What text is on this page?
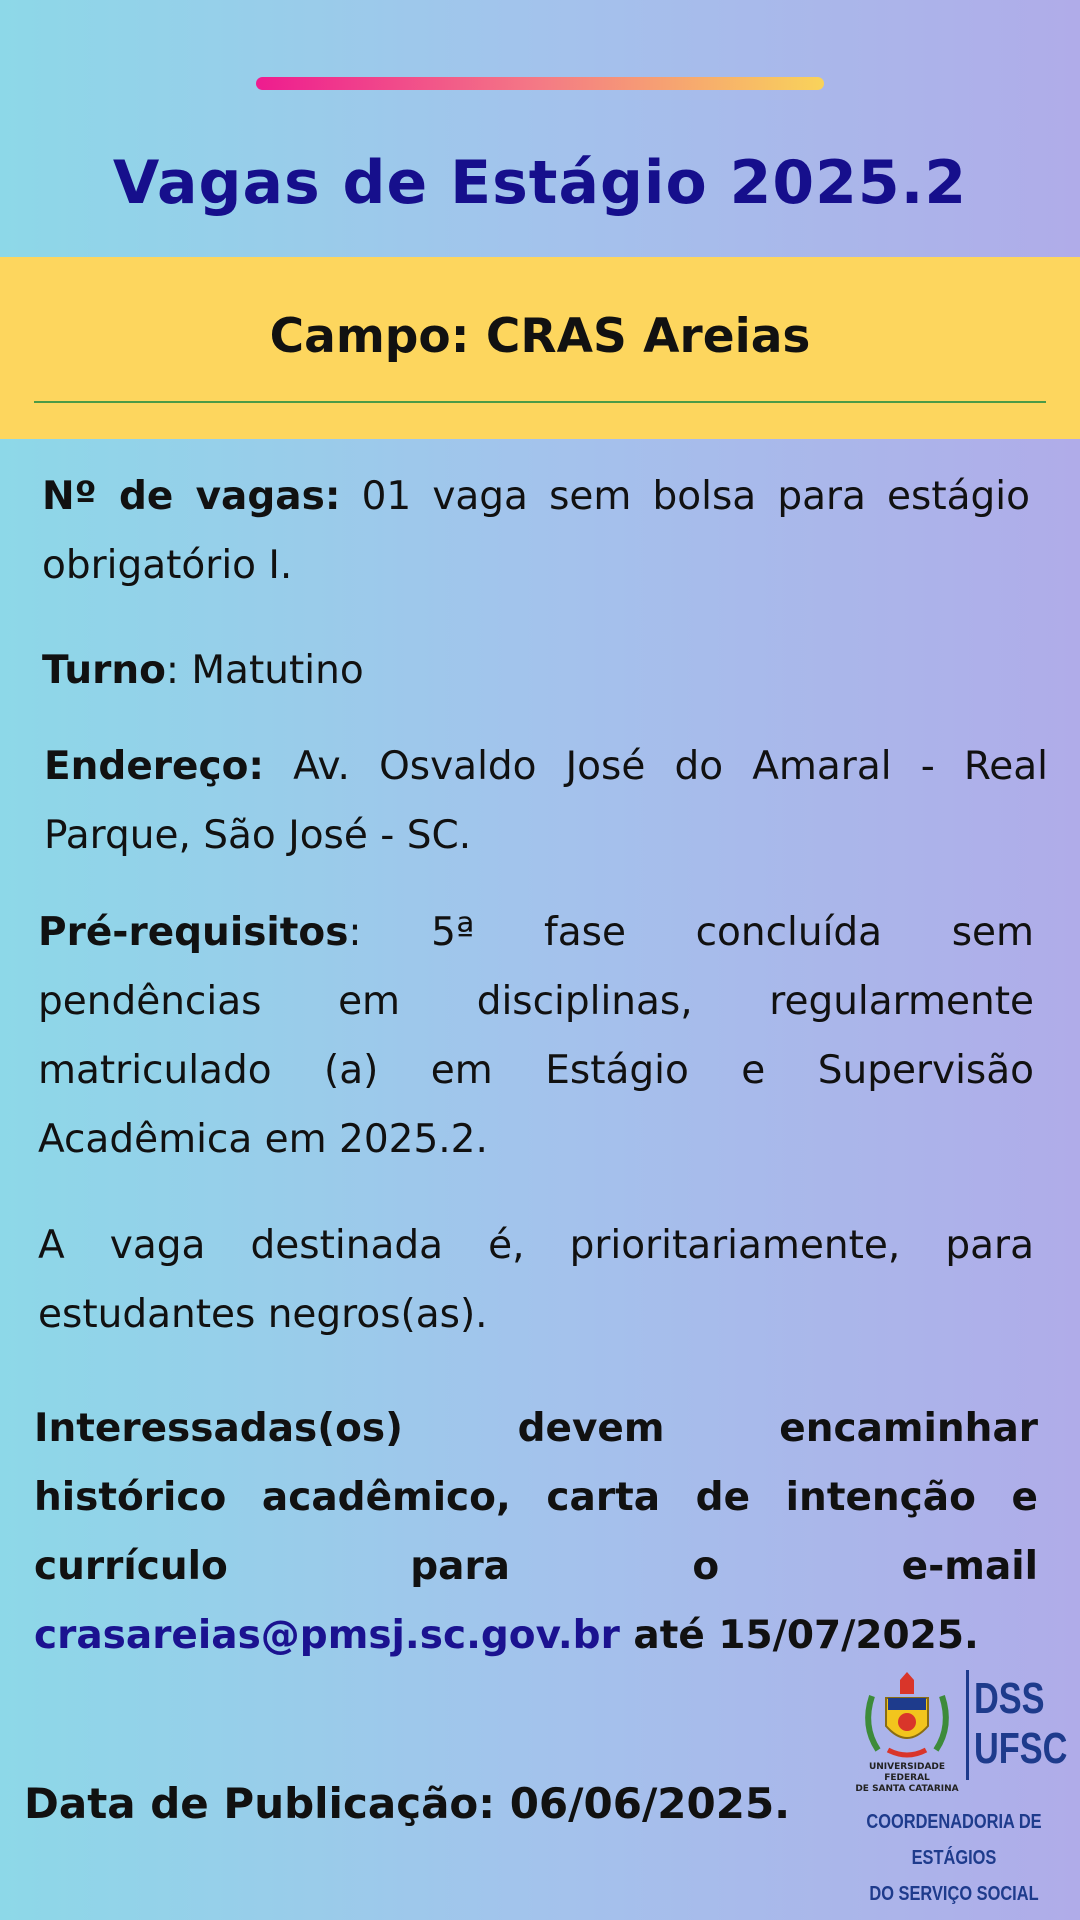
Vagas de Estágio 2025.2
Campo: CRAS Areias

Nº de vagas: 01 vaga sem bolsa para estágio obrigatório I.

Turno: Matutino

Endereço: Av. Osvaldo José do Amaral - Real Parque, São José - SC.

Pré-requisitos: 5ª fase concluída sem pendências em disciplinas, regularmente matriculado (a) em Estágio e Supervisão Acadêmica em 2025.2.

A vaga destinada é, prioritariamente, para estudantes negros(as).

Interessadas(os) devem encaminhar histórico acadêmico, carta de intenção e currículo para o e-mail crasareias@pmsj.sc.gov.br até 15/07/2025.

Data de Publicação: 06/06/2025.
UNIVERSIDADE FEDERAL
DE SANTA CATARINA
DSS
UFSC
COORDENADORIA DE ESTÁGIOS
DO SERVIÇO SOCIAL
